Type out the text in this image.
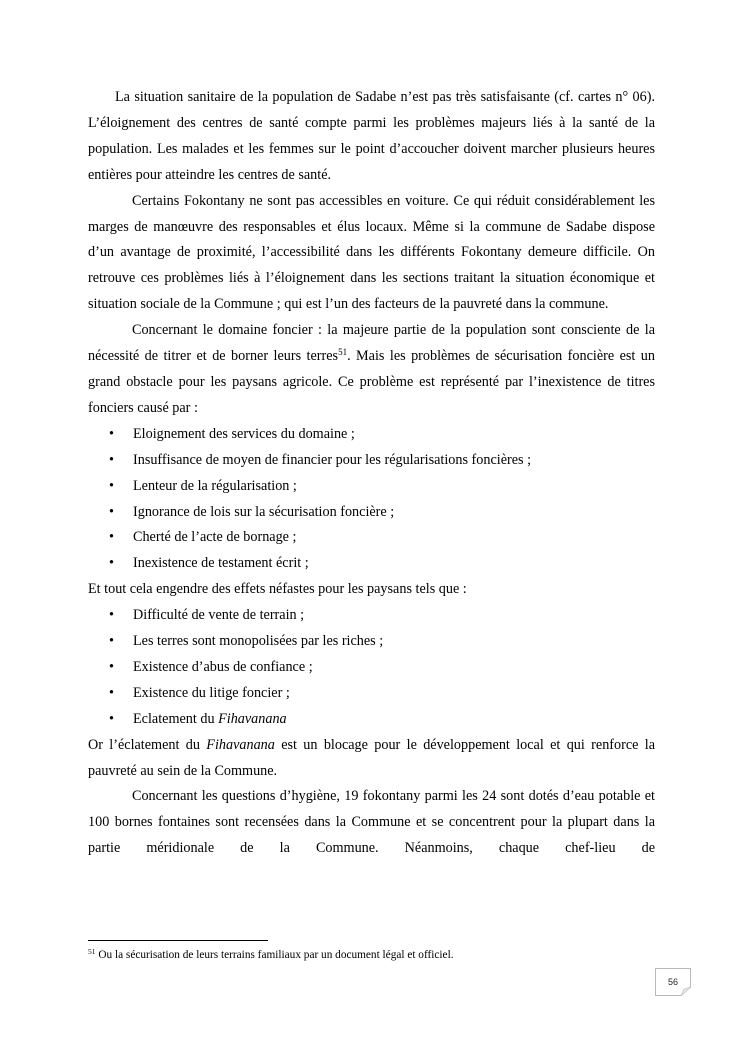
La situation sanitaire de la population de Sadabe n’est pas très satisfaisante (cf. cartes n° 06). L’éloignement des centres de santé compte parmi les problèmes majeurs liés à la santé de la population. Les malades et les femmes sur le point d’accoucher doivent marcher plusieurs heures entières pour atteindre les centres de santé.

Certains Fokontany ne sont pas accessibles en voiture. Ce qui réduit considérablement les marges de manœuvre des responsables et élus locaux. Même si la commune de Sadabe dispose d’un avantage de proximité, l’accessibilité dans les différents Fokontany demeure difficile. On retrouve ces problèmes liés à l’éloignement dans les sections traitant la situation économique et situation sociale de la Commune ; qui est l’un des facteurs de la pauvreté dans la commune.

Concernant le domaine foncier : la majeure partie de la population sont consciente de la nécessité de titrer et de borner leurs terres$^{51}$. Mais les problèmes de sécurisation foncière est un grand obstacle pour les paysans agricole. Ce problème est représenté par l’inexistence de titres fonciers causé par :

• Eloignement des services du domaine ;
• Insuffisance de moyen de financier pour les régularisations foncières ;
• Lenteur de la régularisation ;
• Ignorance de lois sur la sécurisation foncière ;
• Cherté de l’acte de bornage ;
• Inexistence de testament écrit ;

Et tout cela engendre des effets néfastes pour les paysans tels que :

• Difficulté de vente de terrain ;
• Les terres sont monopolisées par les riches ;
• Existence d’abus de confiance ;
• Existence du litige foncier ;
• Eclatement du Fihavanana

Or l’éclatement du Fihavanana est un blocage pour le développement local et qui renforce la pauvreté au sein de la Commune.

Concernant les questions d’hygiène, 19 fokontany parmi les 24 sont dotés d’eau potable et 100 bornes fontaines sont recensées dans la Commune et se concentrent pour la plupart dans la partie méridionale de la Commune. Néanmoins, chaque chef-lieu de

$^{51}$ Ou la sécurisation de leurs terrains familiaux par un document légal et officiel.
56
